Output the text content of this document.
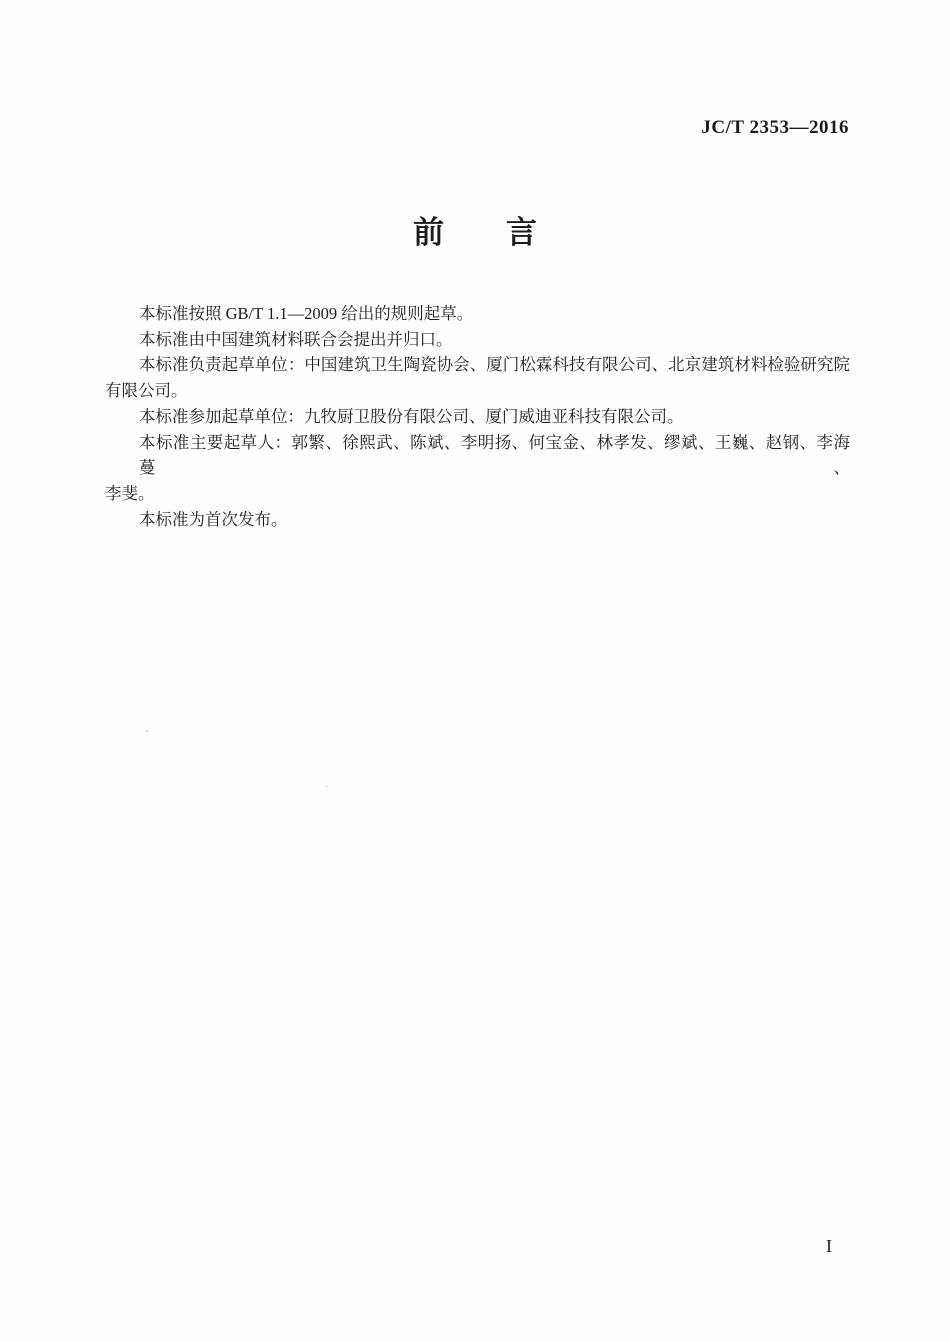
JC/T 2353—2016
前　　言
本标准按照 GB/T 1.1—2009 给出的规则起草。
本标准由中国建筑材料联合会提出并归口。
本标准负责起草单位：中国建筑卫生陶瓷协会、厦门松霖科技有限公司、北京建筑材料检验研究院
有限公司。
本标准参加起草单位：九牧厨卫股份有限公司、厦门威迪亚科技有限公司。
本标准主要起草人：郭繁、徐熙武、陈斌、李明扬、何宝金、林孝发、缪斌、王巍、赵钢、李海蔓、
李斐。
本标准为首次发布。
I
